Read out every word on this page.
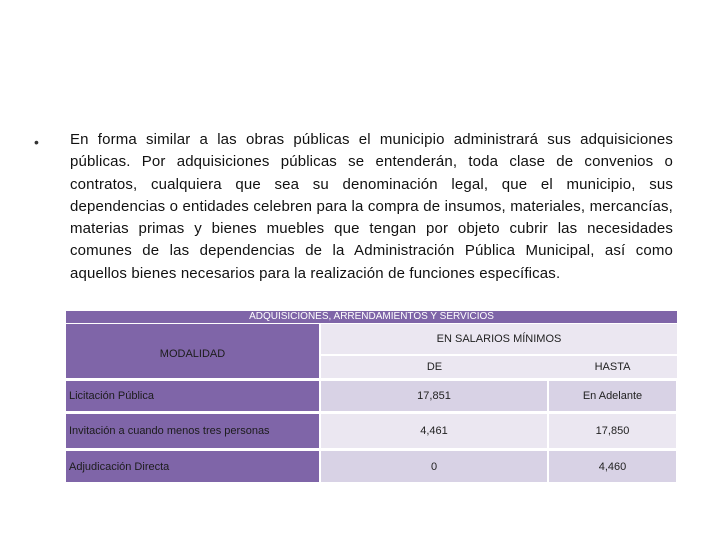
• En forma similar a las obras públicas el municipio administrará sus adquisiciones públicas. Por adquisiciones públicas se entenderán, toda clase de convenios o contratos, cualquiera que sea su denominación legal, que el municipio, sus dependencias o entidades celebren para la compra de insumos, materiales, mercancías, materias primas y bienes muebles que tengan por objeto cubrir las necesidades comunes de las dependencias de la Administración Pública Municipal, así como aquellos bienes necesarios para la realización de funciones específicas.
ADQUISICIONES, ARRENDAMIENTOS Y SERVICIOS		
MODALIDAD	EN SALARIOS MÍNIMOS	
	DE	HASTA
Licitación Pública	17,851	En Adelante
Invitación a cuando menos tres personas	4,461	17,850
Adjudicación Directa	0	4,460
